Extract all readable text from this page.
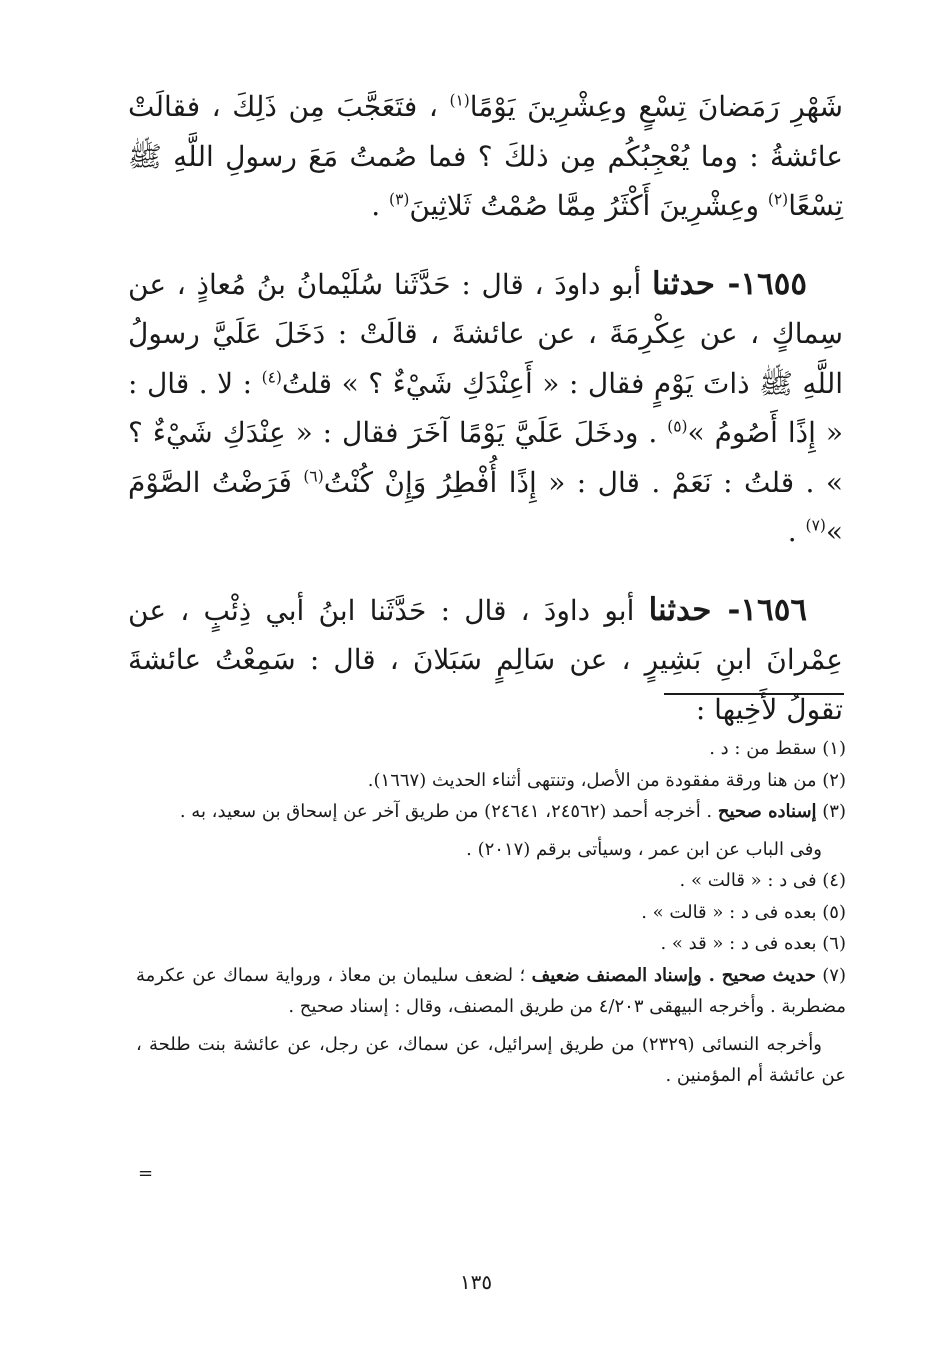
شَهْرِ رَمَضانَ تِسْعٍ وعِشْرِينَ يَوْمًا$^{(١)}$ ، فتَعَجَّبَ مِن ذَلِكَ ، فقالَتْ عائشةُ : وما يُعْجِبُكُم مِن ذلكَ ؟ فما صُمتُ مَعَ رسولِ اللَّهِ ﷺ تِسْعًا$^{(٢)}$ وعِشْرِينَ أَكْثَرُ مِمَّا صُمْتُ ثَلاثِينَ$^{(٣)}$ .

١٦٥٥- حدثنا أبو داودَ ، قال : حَدَّثَنا سُلَيْمانُ بنُ مُعاذٍ ، عن سِماكٍ ، عن عِكْرِمَةَ ، عن عائشةَ ، قالَتْ : دَخَلَ عَلَيَّ رسولُ اللَّهِ ﷺ ذاتَ يَوْمٍ فقال : « أَعِنْدَكِ شَيْءٌ ؟ » قلتُ$^{(٤)}$ : لا . قال : « إِذًا أَصُومُ »$^{(٥)}$ . ودخَلَ عَلَيَّ يَوْمًا آخَرَ فقال : « عِنْدَكِ شَيْءٌ ؟ » . قلتُ : نَعَمْ . قال : « إِذًا أُفْطِرُ وَإِنْ كُنْتُ$^{(٦)}$ فَرَضْتُ الصَّوْمَ »$^{(٧)}$ .

١٦٥٦- حدثنا أبو داودَ ، قال : حَدَّثَنا ابنُ أبي ذِئْبٍ ، عن عِمْرانَ ابنِ بَشِيرٍ ، عن سَالِمٍ سَبَلانَ ، قال : سَمِعْتُ عائشةَ تقولُ لأَخِيها :

(١) سقط من : د .

(٢) من هنا ورقة مفقودة من الأصل، وتنتهى أثناء الحديث (١٦٦٧).

(٣) إسناده صحيح . أخرجه أحمد (٢٤٥٦٢، ٢٤٦٤١) من طريق آخر عن إسحاق بن سعيد، به .

وفى الباب عن ابن عمر ، وسيأتى برقم (٢٠١٧) .

(٤) فى د : « قالت » .

(٥) بعده فى د : « قالت » .

(٦) بعده فى د : « قد » .

(٧) حديث صحيح . وإسناد المصنف ضعيف ؛ لضعف سليمان بن معاذ ، ورواية سماك عن عكرمة مضطربة . وأخرجه البيهقى ٤/٢٠٣ من طريق المصنف، وقال : إسناد صحيح .

وأخرجه النسائى (٢٣٢٩) من طريق إسرائيل، عن سماك، عن رجل، عن عائشة بنت طلحة ، عن عائشة أم المؤمنين .

=
١٣٥
